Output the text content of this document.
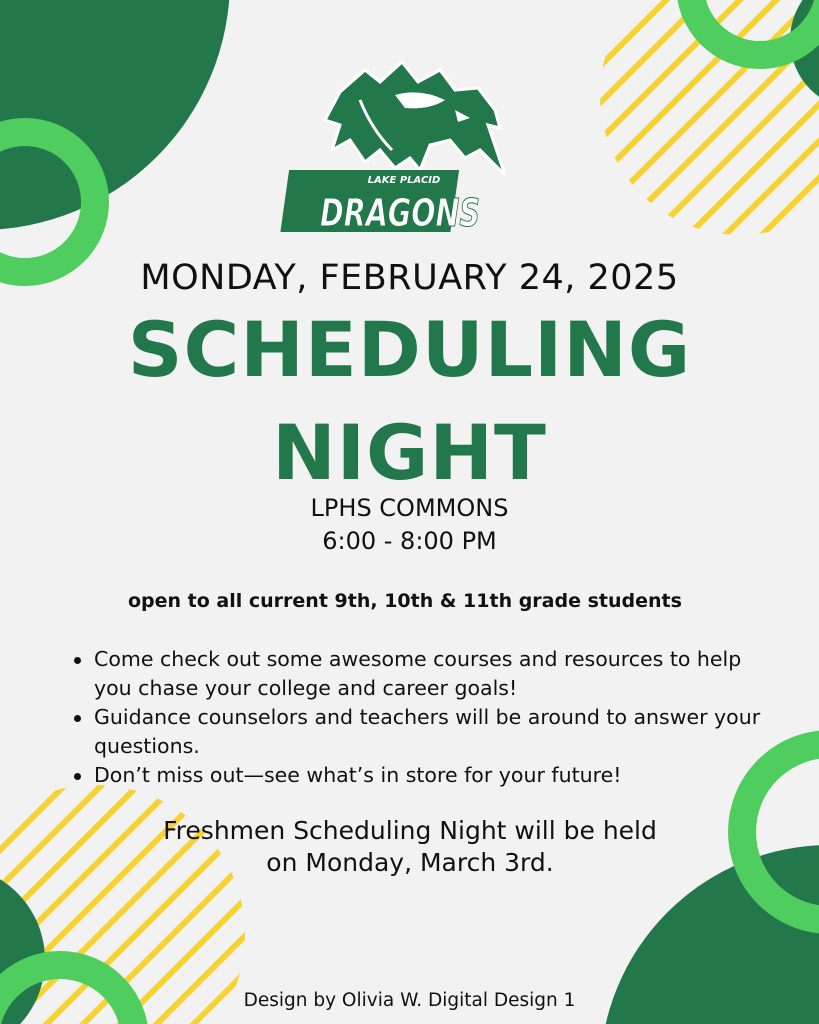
LAKE PLACID
DRAGONS
MONDAY, FEBRUARY 24, 2025
SCHEDULING
NIGHT
LPHS COMMONS
6:00 - 8:00 PM
open to all current 9th, 10th & 11th grade students
Come check out some awesome courses and resources to help you chase your college and career goals!
Guidance counselors and teachers will be around to answer your questions.
Don’t miss out—see what’s in store for your future!
Freshmen Scheduling Night will be held on Monday, March 3rd.
Design by Olivia W. Digital Design 1
